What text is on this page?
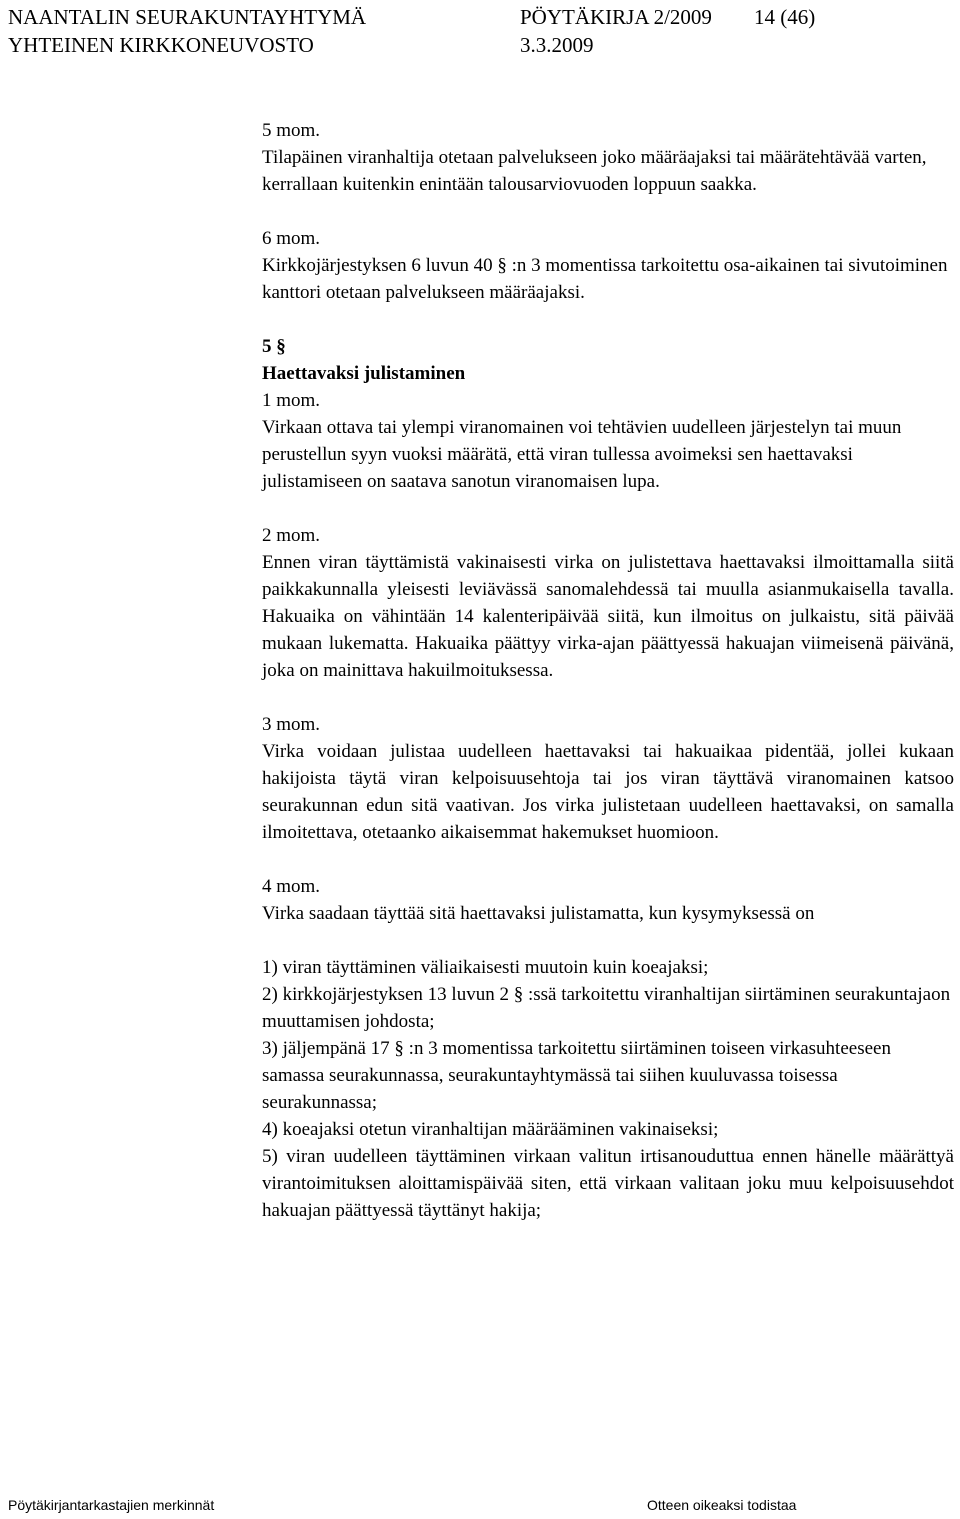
NAANTALIN SEURAKUNTAYHTYMÄ	PÖYTÄKIRJA 2/2009 14 (46)
YHTEINEN KIRKKONEUVOSTO	3.3.2009

5 mom.

Tilapäinen viranhaltija otetaan palvelukseen joko määräajaksi tai määrätehtävää varten, kerrallaan kuitenkin enintään talousarviovuoden loppuun saakka.

6 mom.

Kirkkojärjestyksen 6 luvun 40 § :n 3 momentissa tarkoitettu osa-aikainen tai sivutoiminen kanttori otetaan palvelukseen määräajaksi.

5 §

Haettavaksi julistaminen

1 mom.

Virkaan ottava tai ylempi viranomainen voi tehtävien uudelleen järjestelyn tai muun perustellun syyn vuoksi määrätä, että viran tullessa avoimeksi sen haettavaksi julistamiseen on saatava sanotun viranomaisen lupa.

2 mom.

Ennen viran täyttämistä vakinaisesti virka on julistettava haettavaksi ilmoittamalla siitä paikkakunnalla yleisesti leviävässä sanomalehdessä tai muulla asianmukaisella tavalla. Hakuaika on vähintään 14 kalenteripäivää siitä, kun ilmoitus on julkaistu, sitä päivää mukaan lukematta. Hakuaika päättyy virka-ajan päättyessä hakuajan viimeisenä päivänä, joka on mainittava hakuilmoituksessa.

3 mom.

Virka voidaan julistaa uudelleen haettavaksi tai hakuaikaa pidentää, jollei kukaan hakijoista täytä viran kelpoisuusehtoja tai jos viran täyttävä viranomainen katsoo seurakunnan edun sitä vaativan. Jos virka julistetaan uudelleen haettavaksi, on samalla ilmoitettava, otetaanko aikaisemmat hakemukset huomioon.

4 mom.

Virka saadaan täyttää sitä haettavaksi julistamatta, kun kysymyksessä on

1) viran täyttäminen väliaikaisesti muutoin kuin koeajaksi;

2) kirkkojärjestyksen 13 luvun 2 § :ssä tarkoitettu viranhaltijan siirtäminen seurakuntajaon muuttamisen johdosta;

3) jäljempänä 17 § :n 3 momentissa tarkoitettu siirtäminen toiseen virkasuhteeseen samassa seurakunnassa, seurakuntayhtymässä tai siihen kuuluvassa toisessa seurakunnassa;

4) koeajaksi otetun viranhaltijan määrääminen vakinaiseksi;

5) viran uudelleen täyttäminen virkaan valitun irtisanouduttua ennen hänelle määrättyä virantoimituksen aloittamispäivää siten, että virkaan valitaan joku muu kelpoisuusehdot hakuajan päättyessä täyttänyt hakija;

Pöytäkirjantarkastajien merkinnät	Otteen oikeaksi todistaa
